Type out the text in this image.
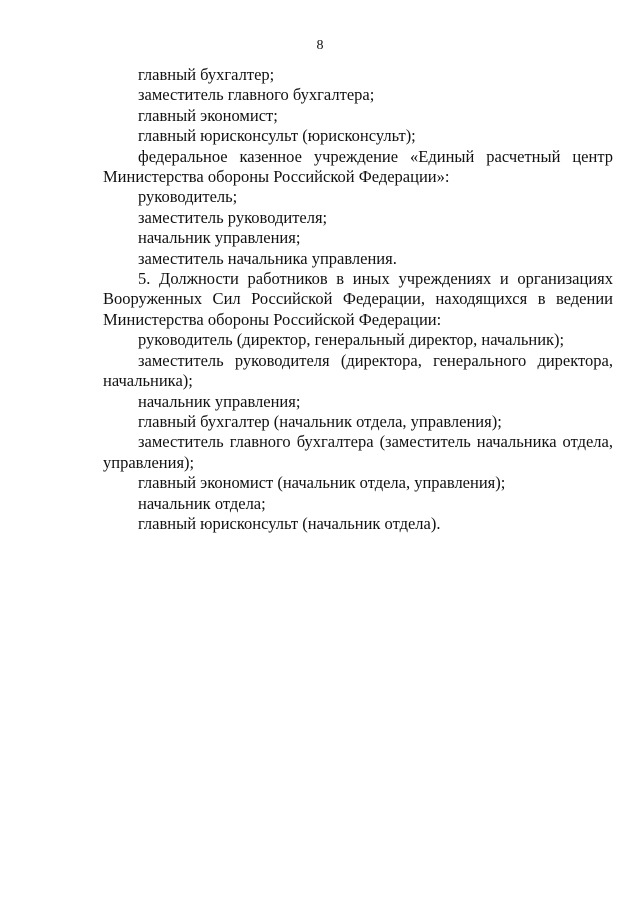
8

главный бухгалтер;

заместитель главного бухгалтера;

главный экономист;

главный юрисконсульт (юрисконсульт);

федеральное казенное учреждение «Единый расчетный центр Министерства обороны Российской Федерации»:

руководитель;

заместитель руководителя;

начальник управления;

заместитель начальника управления.

5. Должности работников в иных учреждениях и организациях Вооруженных Сил Российской Федерации, находящихся в ведении Министерства обороны Российской Федерации:

руководитель (директор, генеральный директор, начальник);

заместитель руководителя (директора, генерального директора, начальника);

начальник управления;

главный бухгалтер (начальник отдела, управления);

заместитель главного бухгалтера (заместитель начальника отдела, управления);

главный экономист (начальник отдела, управления);

начальник отдела;

главный юрисконсульт (начальник отдела).
